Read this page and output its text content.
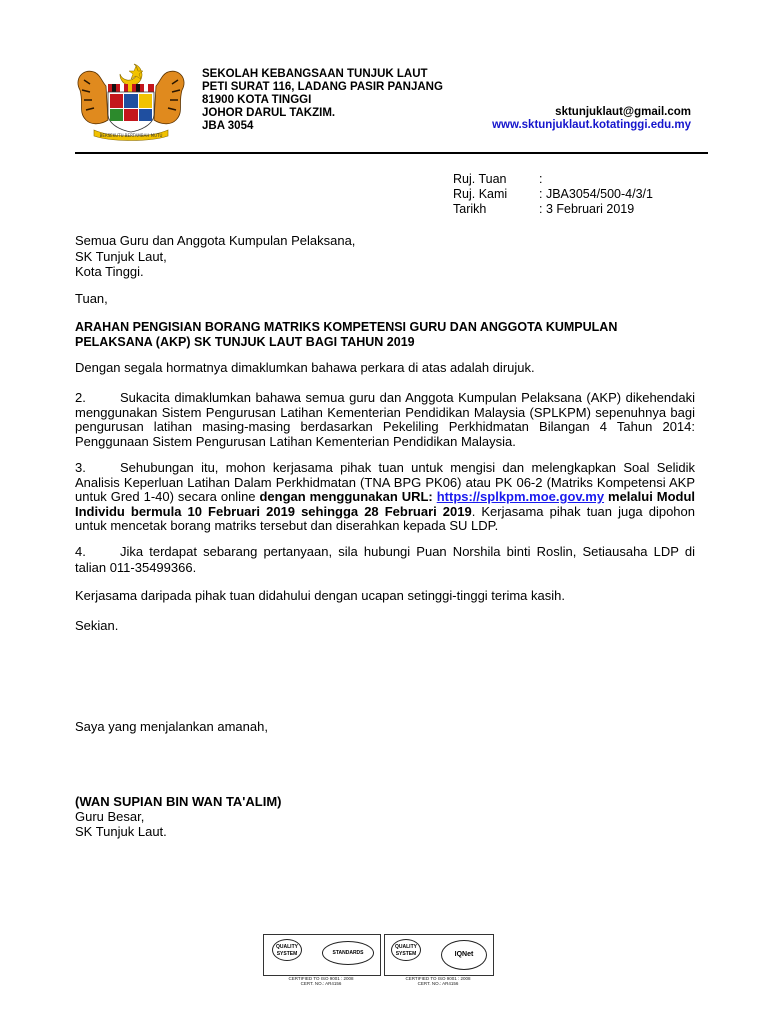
BERSEKUTU BERTAMBAH MUTU
SEKOLAH KEBANGSAAN TUNJUK LAUT
PETI SURAT 116, LADANG PASIR PANJANG
81900 KOTA TINGGI
JOHOR DARUL TAKZIM.
JBA 3054
sktunjuklaut@gmail.com
www.sktunjuklaut.kotatinggi.edu.my
Ruj. Tuan	:
Ruj. Kami	: JBA3054/500-4/3/1
Tarikh	: 3 Februari 2019
Semua Guru dan Anggota Kumpulan Pelaksana,
SK Tunjuk Laut,
Kota Tinggi.
Tuan,
ARAHAN PENGISIAN BORANG MATRIKS KOMPETENSI GURU DAN ANGGOTA KUMPULAN
PELAKSANA (AKP) SK TUNJUK LAUT BAGI TAHUN 2019
Dengan segala hormatnya dimaklumkan bahawa perkara di atas adalah dirujuk.
2.	Sukacita dimaklumkan bahawa semua guru dan Anggota Kumpulan Pelaksana (AKP) dikehendaki menggunakan Sistem Pengurusan Latihan Kementerian Pendidikan Malaysia (SPLKPM) sepenuhnya bagi pengurusan latihan masing-masing berdasarkan Pekeliling Perkhidmatan Bilangan 4 Tahun 2014: Penggunaan Sistem Pengurusan Latihan Kementerian Pendidikan Malaysia.
3.	Sehubungan itu, mohon kerjasama pihak tuan untuk mengisi dan melengkapkan Soal Selidik Analisis Keperluan Latihan Dalam Perkhidmatan (TNA BPG PK06) atau PK 06-2 (Matriks Kompetensi AKP untuk Gred 1-40) secara online dengan menggunakan URL: https://splkpm.moe.gov.my melalui Modul Individu bermula 10 Februari 2019 sehingga 28 Februari 2019. Kerjasama pihak tuan juga dipohon untuk mencetak borang matriks tersebut dan diserahkan kepada SU LDP.
4.	Jika terdapat sebarang pertanyaan, sila hubungi Puan Norshila binti Roslin, Setiausaha LDP di talian 011-35499366.
Kerjasama daripada pihak tuan didahului dengan ucapan setinggi-tinggi terima kasih.
Sekian.
Saya yang menjalankan amanah,
(WAN SUPIAN BIN WAN TA'ALIM)
Guru Besar,
SK Tunjuk Laut.
QUALITY SYSTEM	STANDARDS
CERTIFIED TO ISO 9001 : 2008
CERT. NO.: AR4156
QUALITY SYSTEM	IQNet
CERTIFIED TO ISO 9001 : 2008
CERT. NO.: AR4156
